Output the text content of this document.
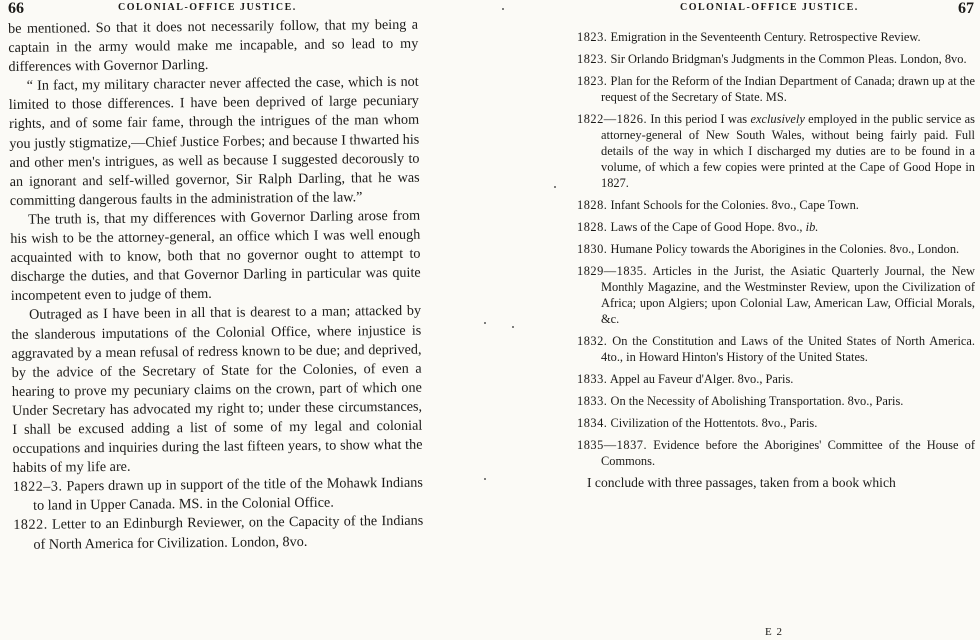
66	COLONIAL-OFFICE JUSTICE.

be mentioned. So that it does not necessarily follow, that my being a captain in the army would make me incapable, and so lead to my differences with Governor Darling.

“ In fact, my military character never affected the case, which is not limited to those differences. I have been deprived of large pecuniary rights, and of some fair fame, through the intrigues of the man whom you justly stigmatize,—Chief Justice Forbes; and because I thwarted his and other men's intrigues, as well as because I suggested decorously to an ignorant and self-willed governor, Sir Ralph Darling, that he was committing dangerous faults in the administration of the law.”

The truth is, that my differences with Governor Darling arose from his wish to be the attorney-general, an office which I was well enough acquainted with to know, both that no governor ought to attempt to discharge the duties, and that Governor Darling in particular was quite incompetent even to judge of them.

Outraged as I have been in all that is dearest to a man; attacked by the slanderous imputations of the Colonial Office, where injustice is aggravated by a mean refusal of redress known to be due; and deprived, by the advice of the Secretary of State for the Colonies, of even a hearing to prove my pecuniary claims on the crown, part of which one Under Secretary has advocated my right to; under these circumstances, I shall be excused adding a list of some of my legal and colonial occupations and inquiries during the last fifteen years, to show what the habits of my life are.

1822–3. Papers drawn up in support of the title of the Mohawk Indians to land in Upper Canada. MS. in the Colonial Office.

1822. Letter to an Edinburgh Reviewer, on the Capacity of the Indians of North America for Civilization. London, 8vo.

COLONIAL-OFFICE JUSTICE.	67

1823. Emigration in the Seventeenth Century. Retrospective Review.

1823. Sir Orlando Bridgman's Judgments in the Common Pleas. London, 8vo.

1823. Plan for the Reform of the Indian Department of Canada; drawn up at the request of the Secretary of State. MS.

1822—1826. In this period I was exclusively employed in the public service as attorney-general of New South Wales, without being fairly paid. Full details of the way in which I discharged my duties are to be found in a volume, of which a few copies were printed at the Cape of Good Hope in 1827.

1828. Infant Schools for the Colonies. 8vo., Cape Town.

1828. Laws of the Cape of Good Hope. 8vo., ib.

1830. Humane Policy towards the Aborigines in the Colonies. 8vo., London.

1829—1835. Articles in the Jurist, the Asiatic Quarterly Journal, the New Monthly Magazine, and the Westminster Review, upon the Civilization of Africa; upon Algiers; upon Colonial Law, American Law, Official Morals, &c.

1832. On the Constitution and Laws of the United States of North America. 4to., in Howard Hinton's History of the United States.

1833. Appel au Faveur d'Alger. 8vo., Paris.

1833. On the Necessity of Abolishing Transportation. 8vo., Paris.

1834. Civilization of the Hottentots. 8vo., Paris.

1835—1837. Evidence before the Aborigines' Committee of the House of Commons.

I conclude with three passages, taken from a book which

E 2
